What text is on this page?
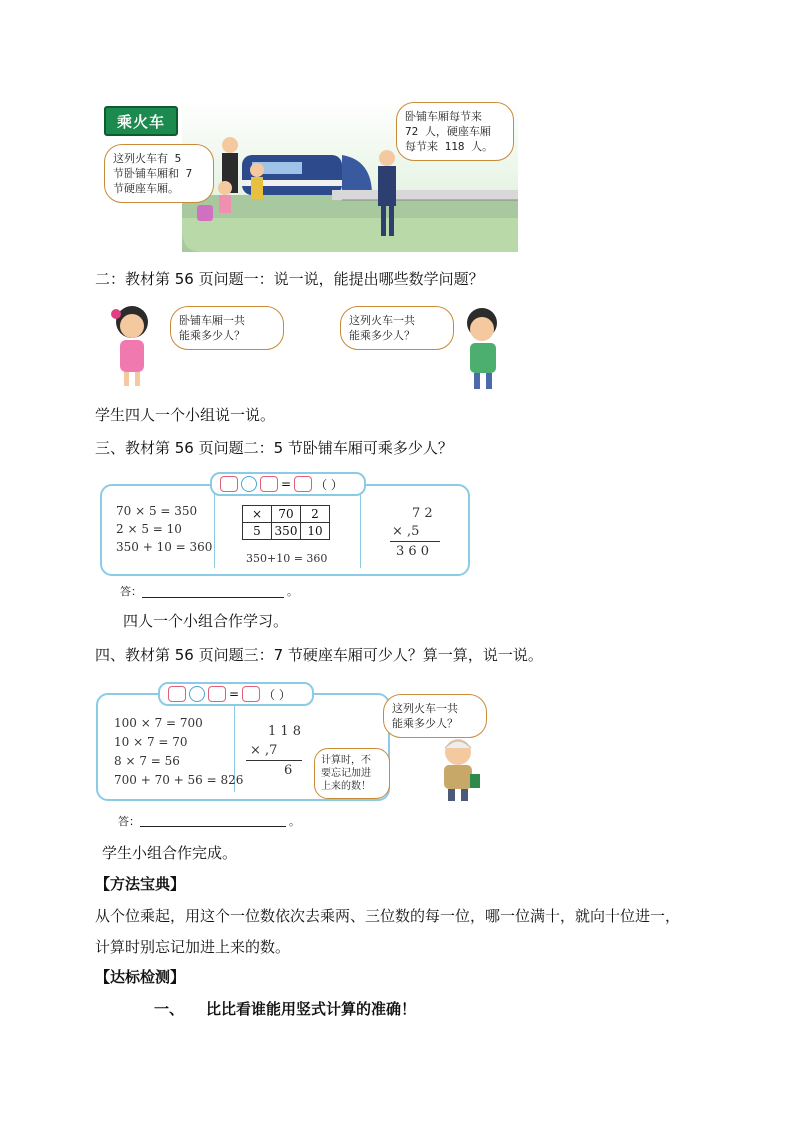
乘火车
这列火车有 5
节卧铺车厢和 7
节硬座车厢。
卧铺车厢每节来
72 人，硬座车厢
每节来 118 人。
二：教材第 56 页问题一：说一说，能提出哪些数学问题？
卧铺车厢一共
能乘多少人？
这列火车一共
能乘多少人？
学生四人一个小组说一说。
三、教材第 56 页问题二：5 节卧铺车厢可乘多少人？
= （ ）
70 × 5 = 350
2 × 5 = 10
350 + 10 = 360
×	70	2
5	350	10
350+10 = 360
7 2
× ,5
3 6 0
答：	。
四人一个小组合作学习。
四、教材第 56 页问题三：7 节硬座车厢可少人？算一算，说一说。
= （ ）
100 × 7 = 700
10 × 7 = 70
8 × 7 = 56
700 + 70 + 56 = 826
1 1 8
× ,7
6
计算时，不
要忘记加进
上来的数！
这列火车一共
能乘多少人？
答：	。
学生小组合作完成。
【方法宝典】
从个位乘起，用这个一位数依次去乘两、三位数的每一位，哪一位满十，就向十位进一，
计算时别忘记加进上来的数。
【达标检测】
一、 比比看谁能用竖式计算的准确！
